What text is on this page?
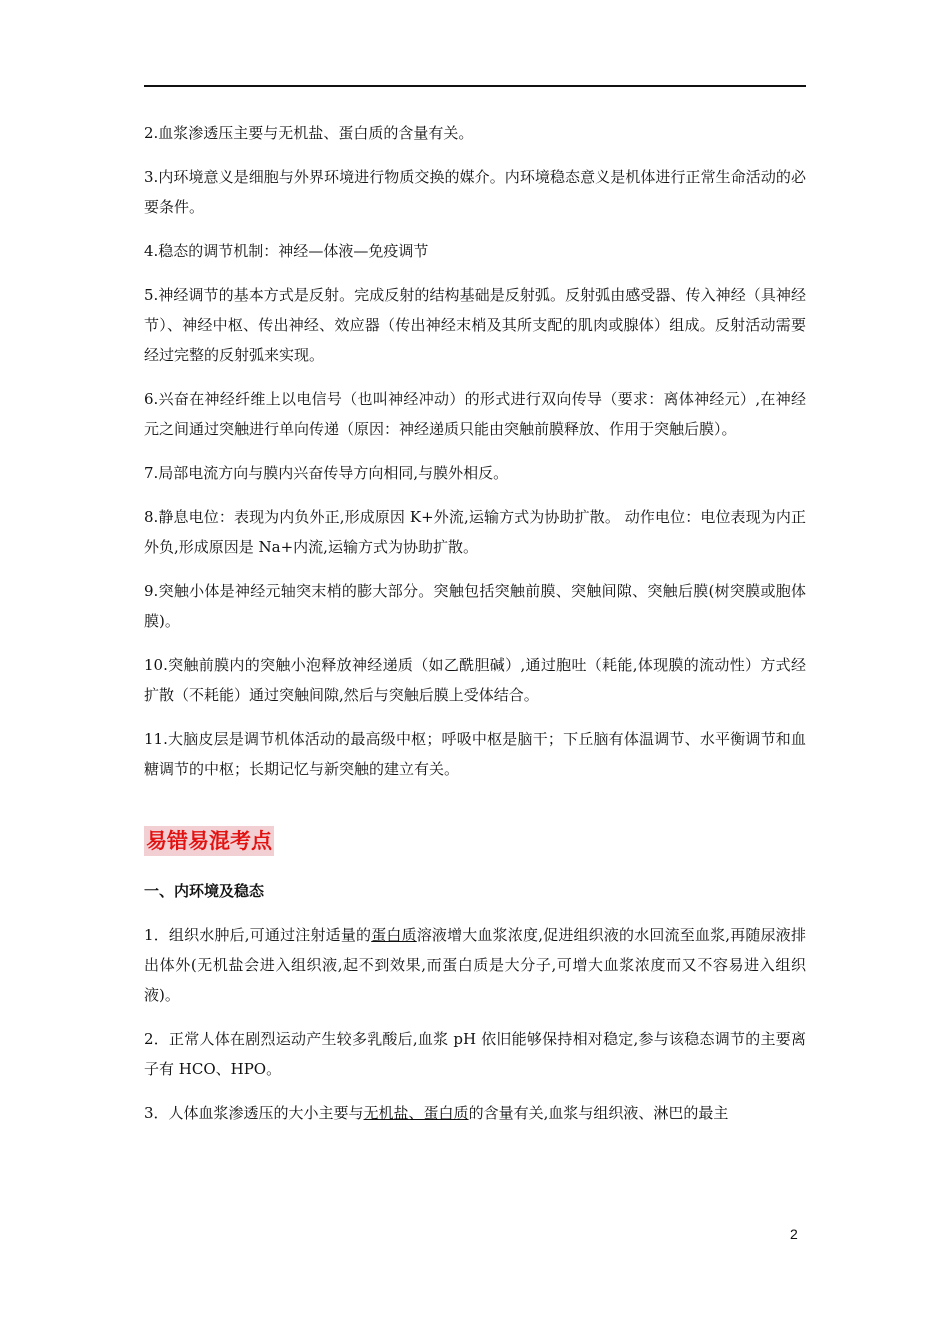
2.血浆渗透压主要与无机盐、蛋白质的含量有关。

3.内环境意义是细胞与外界环境进行物质交换的媒介。内环境稳态意义是机体进行正常生命活动的必要条件。

4.稳态的调节机制：神经—体液—免疫调节

5.神经调节的基本方式是反射。完成反射的结构基础是反射弧。反射弧由感受器、传入神经（具神经节）、神经中枢、传出神经、效应器（传出神经末梢及其所支配的肌肉或腺体）组成。反射活动需要经过完整的反射弧来实现。

6.兴奋在神经纤维上以电信号（也叫神经冲动）的形式进行双向传导（要求：离体神经元）,在神经元之间通过突触进行单向传递（原因：神经递质只能由突触前膜释放、作用于突触后膜）。

7.局部电流方向与膜内兴奋传导方向相同,与膜外相反。

8.静息电位：表现为内负外正,形成原因 K+外流,运输方式为协助扩散。 动作电位：电位表现为内正外负,形成原因是 Na+内流,运输方式为协助扩散。

9.突触小体是神经元轴突末梢的膨大部分。突触包括突触前膜、突触间隙、突触后膜(树突膜或胞体膜)。

10.突触前膜内的突触小泡释放神经递质（如乙酰胆碱）,通过胞吐（耗能,体现膜的流动性）方式经扩散（不耗能）通过突触间隙,然后与突触后膜上受体结合。

11.大脑皮层是调节机体活动的最高级中枢；呼吸中枢是脑干；下丘脑有体温调节、水平衡调节和血糖调节的中枢；长期记忆与新突触的建立有关。

易错易混考点

一、内环境及稳态

1．组织水肿后,可通过注射适量的蛋白质溶液增大血浆浓度,促进组织液的水回流至血浆,再随尿液排出体外(无机盐会进入组织液,起不到效果,而蛋白质是大分子,可增大血浆浓度而又不容易进入组织液)。

2．正常人体在剧烈运动产生较多乳酸后,血浆 pH 依旧能够保持相对稳定,参与该稳态调节的主要离子有 HCO、HPO。

3．人体血浆渗透压的大小主要与无机盐、蛋白质的含量有关,血浆与组织液、淋巴的最主

2
